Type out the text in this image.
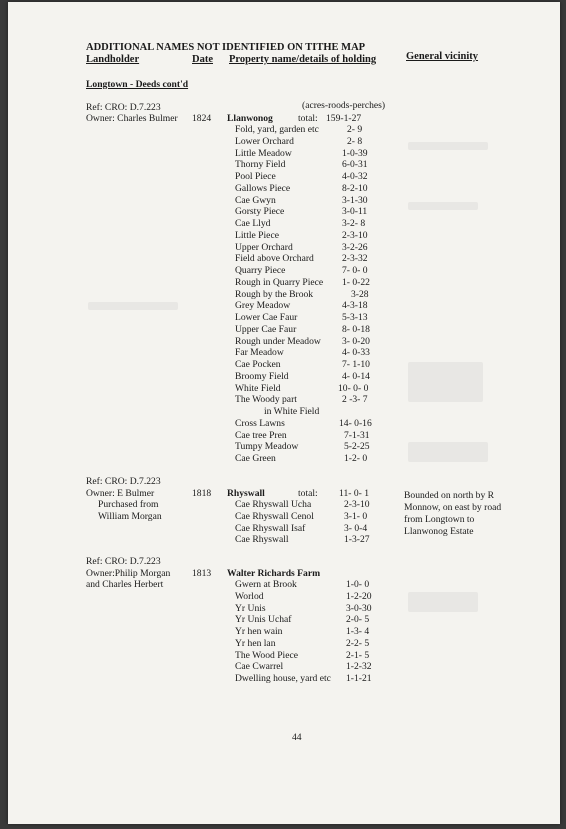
ADDITIONAL NAMES NOT IDENTIFIED ON TITHE MAP
Landholder	Date Property name/details of holding	General vicinity
Longtown - Deeds cont'd
(acres-roods-perches)
Ref: CRO: D.7.223
Owner: Charles Bulmer 1824 Llanwonog	total: 159-1-27
Fold, yard, garden etc	2- 9
Lower Orchard	2- 8
Little Meadow	1-0-39
Thorny Field	6-0-31
Pool Piece	4-0-32
Gallows Piece	8-2-10
Cae Gwyn	3-1-30
Gorsty Piece	3-0-11
Cae Llyd	3-2- 8
Little Piece	2-3-10
Upper Orchard	3-2-26
Field above Orchard	2-3-32
Quarry Piece	7- 0- 0
Rough in Quarry Piece 1- 0-22
Rough by the Brook	3-28
Grey Meadow	4-3-18
Lower Cae Faur	5-3-13
Upper Cae Faur	8- 0-18
Rough under Meadow 3- 0-20
Far Meadow	4- 0-33
Cae Pocken	7- 1-10
Broomy Field	4- 0-14
White Field	10- 0- 0
The Woody part	2 -3- 7
in White Field
Cross Lawns	14- 0-16
Cae tree Pren	7-1-31
Tumpy Meadow	5-2-25
Cae Green	1-2- 0
Ref: CRO: D.7.223
Owner: E Bulmer
Purchased from
William Morgan
1818 Rhyswall	total: 11- 0- 1
Cae Rhyswall Ucha	2-3-10
Cae Rhyswall Cenol	3-1- 0
Cae Rhyswall Isaf	3- 0-4
Cae Rhyswall	1-3-27
Bounded on north by R
Monnow, on east by road
from Longtown to
Llanwonog Estate
Ref: CRO: D.7.223
Owner:Philip Morgan
and Charles Herbert
1813 Walter Richards Farm
Gwern at Brook	1-0- 0
Worlod	1-2-20
Yr Unis	3-0-30
Yr Unis Uchaf	2-0- 5
Yr hen wain	1-3- 4
Yr hen lan	2-2- 5
The Wood Piece	2-1- 5
Cae Cwarrel	1-2-32
Dwelling house, yard etc 1-1-21
44
